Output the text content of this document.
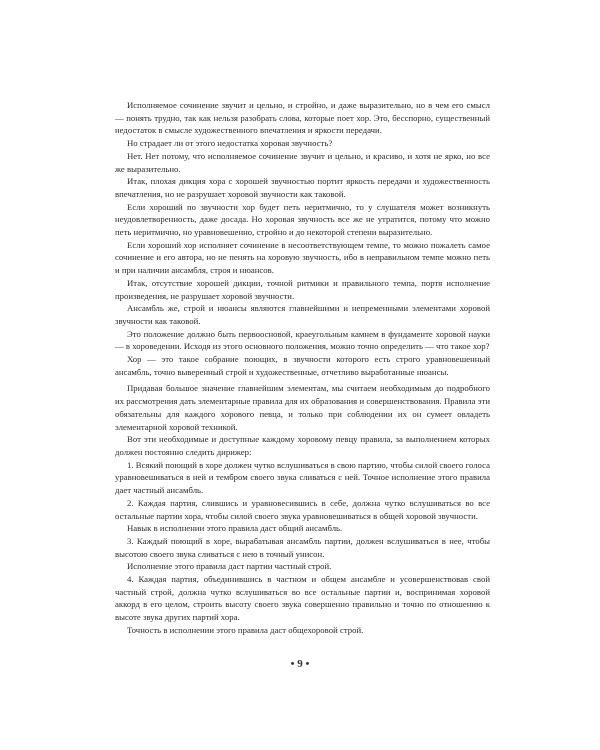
Исполняемое сочинение звучит и цельно, и стройно, и даже выразительно, но в чем его смысл — понять трудно, так как нельзя разобрать слова, которые поет хор. Это, бесспорно, существенный недостаток в смысле художественного впечатления и яркости передачи.

Но страдает ли от этого недостатка хоровая звучность?

Нет. Нет потому, что исполняемое сочинение звучит и цельно, и красиво, и хотя не ярко, но все же выразительно.

Итак, плохая дикция хора с хорошей звучностью портит яркость передачи и художественность впечатления, но не разрушает хоровой звучности как таковой.

Если хороший по звучности хор будет петь неритмично, то у слушателя может возникнуть неудовлетворенность, даже досада. Но хоровая звучность все же не утратится, потому что можно петь неритмично, но уравновешенно, стройно и до некоторой степени выразительно.

Если хороший хор исполняет сочинение в несоответствующем темпе, то можно пожалеть самое сочинение и его автора, но не пенять на хоровую звучность, ибо в неправильном темпе можно петь и при наличии ансамбля, строя и нюансов.

Итак, отсутствие хорошей дикции, точной ритмики и правильного темпа, портя исполнение произведения, не разрушает хоровой звучности.

Ансамбль же, строй и нюансы являются главнейшими и непременными элементами хоровой звучности как таковой.

Это положение должно быть первоосновой, краеугольным камнем в фундаменте хоровой науки — в хороведении. Исходя из этого основного положения, можно точно определить — что такое хор?

Хор — это такое собрание поющих, в звучности которого есть строго уравновешенный ансамбль, точно выверенный строй и художественные, отчетливо выработанные нюансы.

Придавая большое значение главнейшим элементам, мы считаем необходимым до подробного их рассмотрения дать элементарные правила для их образования и совершенствования. Правила эти обязательны для каждого хорового певца, и только при соблюдении их он сумеет овладеть элементарной хоровой техникой.

Вот эти необходимые и доступные каждому хоровому певцу правила, за выполнением которых должен постоянно следить дирижер:

1. Всякий поющий в хоре должен чутко вслушиваться в свою партию, чтобы силой своего голоса уравновешиваться в ней и тембром своего звука сливаться с ней. Точное исполнение этого правила дает частный ансамбль.

2. Каждая партия, слившись и уравновесившись в себе, должна чутко вслушиваться во все остальные партии хора, чтобы силой своего звука уравновешиваться в общей хоровой звучности.

Навык в исполнении этого правила даст общий ансамбль.

3. Каждый поющий в хоре, вырабатывая ансамбль партии, должен вслушиваться в нее, чтобы высотою своего звука сливаться с нею в точный унисон.

Исполнение этого правила даст партии частный строй.

4. Каждая партия, объединившись в частном и общем ансамбле и усовершенствовав свой частный строй, должна чутко вслушиваться во все остальные партии и, воспринимая хоровой аккорд в его целом, строить высоту своего звука совершенно правильно и точно по отношению к высоте звука других партий хора.

Точность в исполнении этого правила даст общехоровой строй.

• 9 •
